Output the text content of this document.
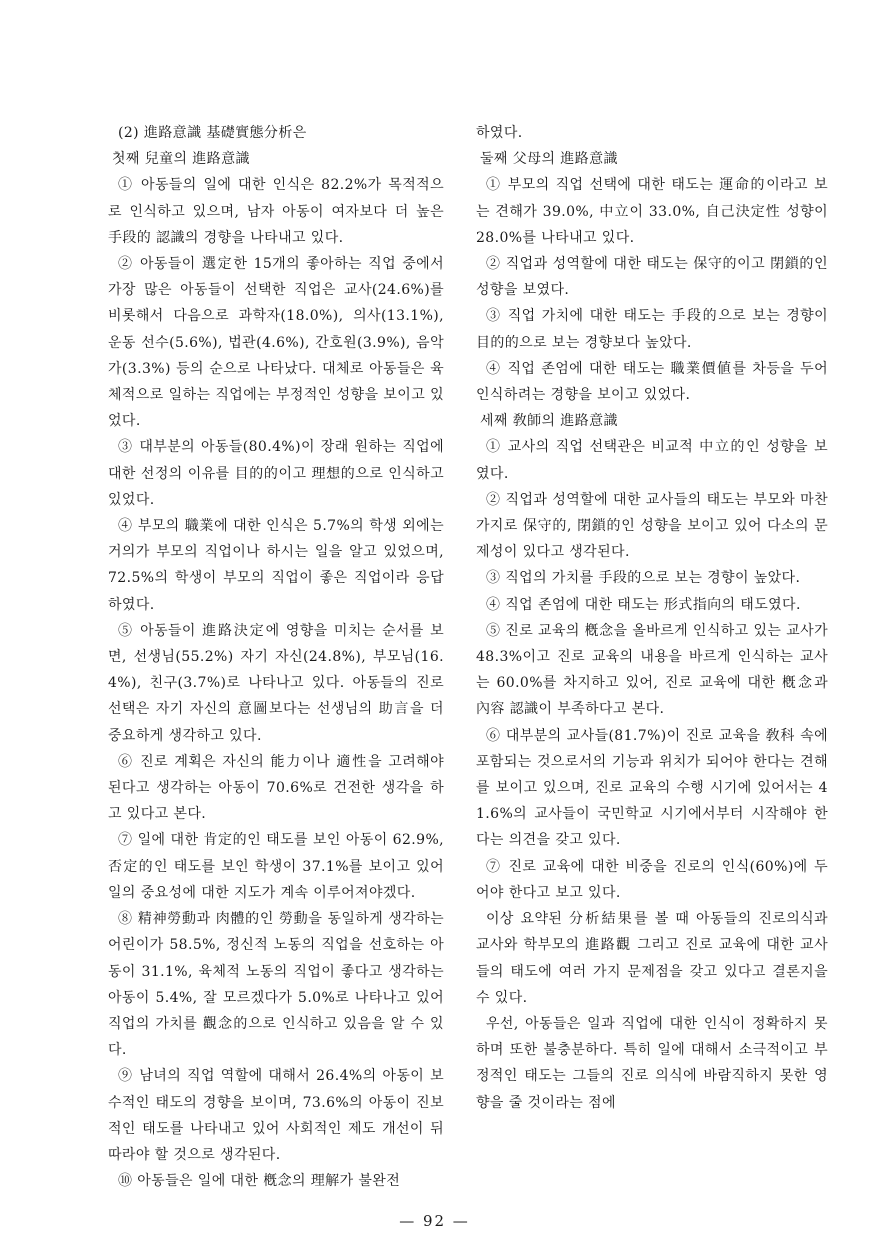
(2) 進路意識 基礎實態分析은

첫째 兒童의 進路意識

① 아동들의 일에 대한 인식은 82.2%가 목적적으로 인식하고 있으며, 남자 아동이 여자보다 더 높은 手段的 認識의 경향을 나타내고 있다.

② 아동들이 選定한 15개의 좋아하는 직업 중에서 가장 많은 아동들이 선택한 직업은 교사(24.6%)를 비롯해서 다음으로 과학자(18.0%), 의사(13.1%), 운동 선수(5.6%), 법관(4.6%), 간호원(3.9%), 음악가(3.3%) 등의 순으로 나타났다. 대체로 아동들은 육체적으로 일하는 직업에는 부정적인 성향을 보이고 있었다.

③ 대부분의 아동들(80.4%)이 장래 원하는 직업에 대한 선정의 이유를 目的的이고 理想的으로 인식하고 있었다.

④ 부모의 職業에 대한 인식은 5.7%의 학생 외에는 거의가 부모의 직업이나 하시는 일을 알고 있었으며, 72.5%의 학생이 부모의 직업이 좋은 직업이라 응답하였다.

⑤ 아동들이 進路決定에 영향을 미치는 순서를 보면, 선생님(55.2%) 자기 자신(24.8%), 부모님(16.4%), 친구(3.7%)로 나타나고 있다. 아동들의 진로 선택은 자기 자신의 意圖보다는 선생님의 助言을 더 중요하게 생각하고 있다.

⑥ 진로 계획은 자신의 能力이나 適性을 고려해야 된다고 생각하는 아동이 70.6%로 건전한 생각을 하고 있다고 본다.

⑦ 일에 대한 肯定的인 태도를 보인 아동이 62.9%, 否定的인 태도를 보인 학생이 37.1%를 보이고 있어 일의 중요성에 대한 지도가 계속 이루어져야겠다.

⑧ 精神勞動과 肉體的인 勞動을 동일하게 생각하는 어린이가 58.5%, 정신적 노동의 직업을 선호하는 아동이 31.1%, 육체적 노동의 직업이 좋다고 생각하는 아동이 5.4%, 잘 모르겠다가 5.0%로 나타나고 있어 직업의 가치를 觀念的으로 인식하고 있음을 알 수 있다.

⑨ 남녀의 직업 역할에 대해서 26.4%의 아동이 보수적인 태도의 경향을 보이며, 73.6%의 아동이 진보적인 태도를 나타내고 있어 사회적인 제도 개선이 뒤따라야 할 것으로 생각된다.

⑩ 아동들은 일에 대한 槪念의 理解가 불완전

하였다.

둘째 父母의 進路意識

① 부모의 직업 선택에 대한 태도는 運命的이라고 보는 견해가 39.0%, 中立이 33.0%, 自己決定性 성향이 28.0%를 나타내고 있다.

② 직업과 성역할에 대한 태도는 保守的이고 閉鎖的인 성향을 보였다.

③ 직업 가치에 대한 태도는 手段的으로 보는 경향이 目的的으로 보는 경향보다 높았다.

④ 직업 존엄에 대한 태도는 職業價値를 차등을 두어 인식하려는 경향을 보이고 있었다.

세째 敎師의 進路意識

① 교사의 직업 선택관은 비교적 中立的인 성향을 보였다.

② 직업과 성역할에 대한 교사들의 태도는 부모와 마찬가지로 保守的, 閉鎖的인 성향을 보이고 있어 다소의 문제성이 있다고 생각된다.

③ 직업의 가치를 手段的으로 보는 경향이 높았다.

④ 직업 존엄에 대한 태도는 形式指向의 태도였다.

⑤ 진로 교육의 槪念을 올바르게 인식하고 있는 교사가 48.3%이고 진로 교육의 내용을 바르게 인식하는 교사는 60.0%를 차지하고 있어, 진로 교육에 대한 槪念과 內容 認識이 부족하다고 본다.

⑥ 대부분의 교사들(81.7%)이 진로 교육을 敎科 속에 포함되는 것으로서의 기능과 위치가 되어야 한다는 견해를 보이고 있으며, 진로 교육의 수행 시기에 있어서는 41.6%의 교사들이 국민학교 시기에서부터 시작해야 한다는 의견을 갖고 있다.

⑦ 진로 교육에 대한 비중을 진로의 인식(60%)에 두어야 한다고 보고 있다.

이상 요약된 分析結果를 볼 때 아동들의 진로의식과 교사와 학부모의 進路觀 그리고 진로 교육에 대한 교사들의 태도에 여러 가지 문제점을 갖고 있다고 결론지을 수 있다.

우선, 아동들은 일과 직업에 대한 인식이 정확하지 못하며 또한 불충분하다. 특히 일에 대해서 소극적이고 부정적인 태도는 그들의 진로 의식에 바람직하지 못한 영향을 줄 것이라는 점에

— 92 —
